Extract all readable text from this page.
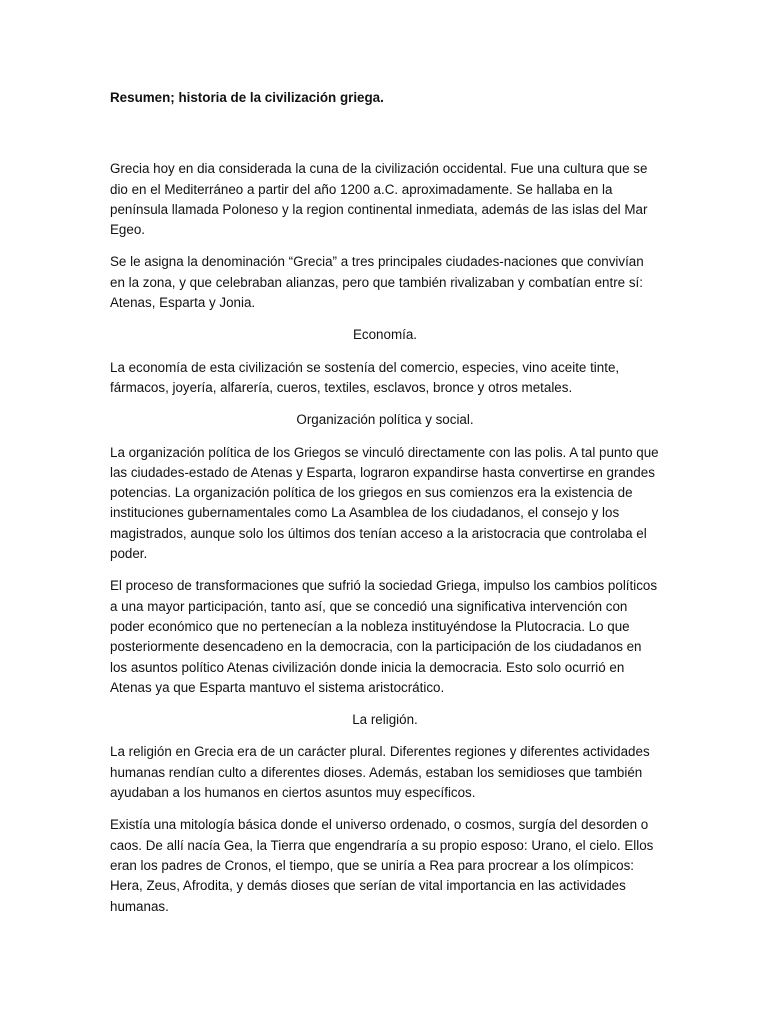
Resumen; historia de la civilización griega.

Grecia hoy en dia considerada la cuna de la civilización occidental. Fue una cultura que se dio en el Mediterráneo a partir del año 1200 a.C. aproximadamente. Se hallaba en la península llamada Poloneso y la region continental inmediata, además de las islas del Mar Egeo.

Se le asigna la denominación “Grecia” a tres principales ciudades-naciones que convivían en la zona, y que celebraban alianzas, pero que también rivalizaban y combatían entre sí: Atenas, Esparta y Jonia.

Economía.

La economía de esta civilización se sostenía del comercio, especies, vino aceite tinte, fármacos, joyería, alfarería, cueros, textiles, esclavos, bronce y otros metales.

Organización política y social.

La organización política de los Griegos se vinculó directamente con las polis. A tal punto que las ciudades-estado de Atenas y Esparta, lograron expandirse hasta convertirse en grandes potencias. La organización política de los griegos en sus comienzos era la existencia de instituciones gubernamentales como La Asamblea de los ciudadanos, el consejo y los magistrados, aunque solo los últimos dos tenían acceso a la aristocracia que controlaba el poder.

El proceso de transformaciones que sufrió la sociedad Griega, impulso los cambios políticos a una mayor participación, tanto así, que se concedió una significativa intervención con poder económico que no pertenecían a la nobleza instituyéndose la Plutocracia. Lo que posteriormente desencadeno en la democracia, con la participación de los ciudadanos en los asuntos político Atenas civilización donde inicia la democracia. Esto solo ocurrió en Atenas ya que Esparta mantuvo el sistema aristocrático.

La religión.

La religión en Grecia era de un carácter plural. Diferentes regiones y diferentes actividades humanas rendían culto a diferentes dioses. Además, estaban los semidioses que también ayudaban a los humanos en ciertos asuntos muy específicos.

Existía una mitología básica donde el universo ordenado, o cosmos, surgía del desorden o caos. De allí nacía Gea, la Tierra que engendraría a su propio esposo: Urano, el cielo. Ellos eran los padres de Cronos, el tiempo, que se uniría a Rea para procrear a los olímpicos: Hera, Zeus, Afrodita, y demás dioses que serían de vital importancia en las actividades humanas.
